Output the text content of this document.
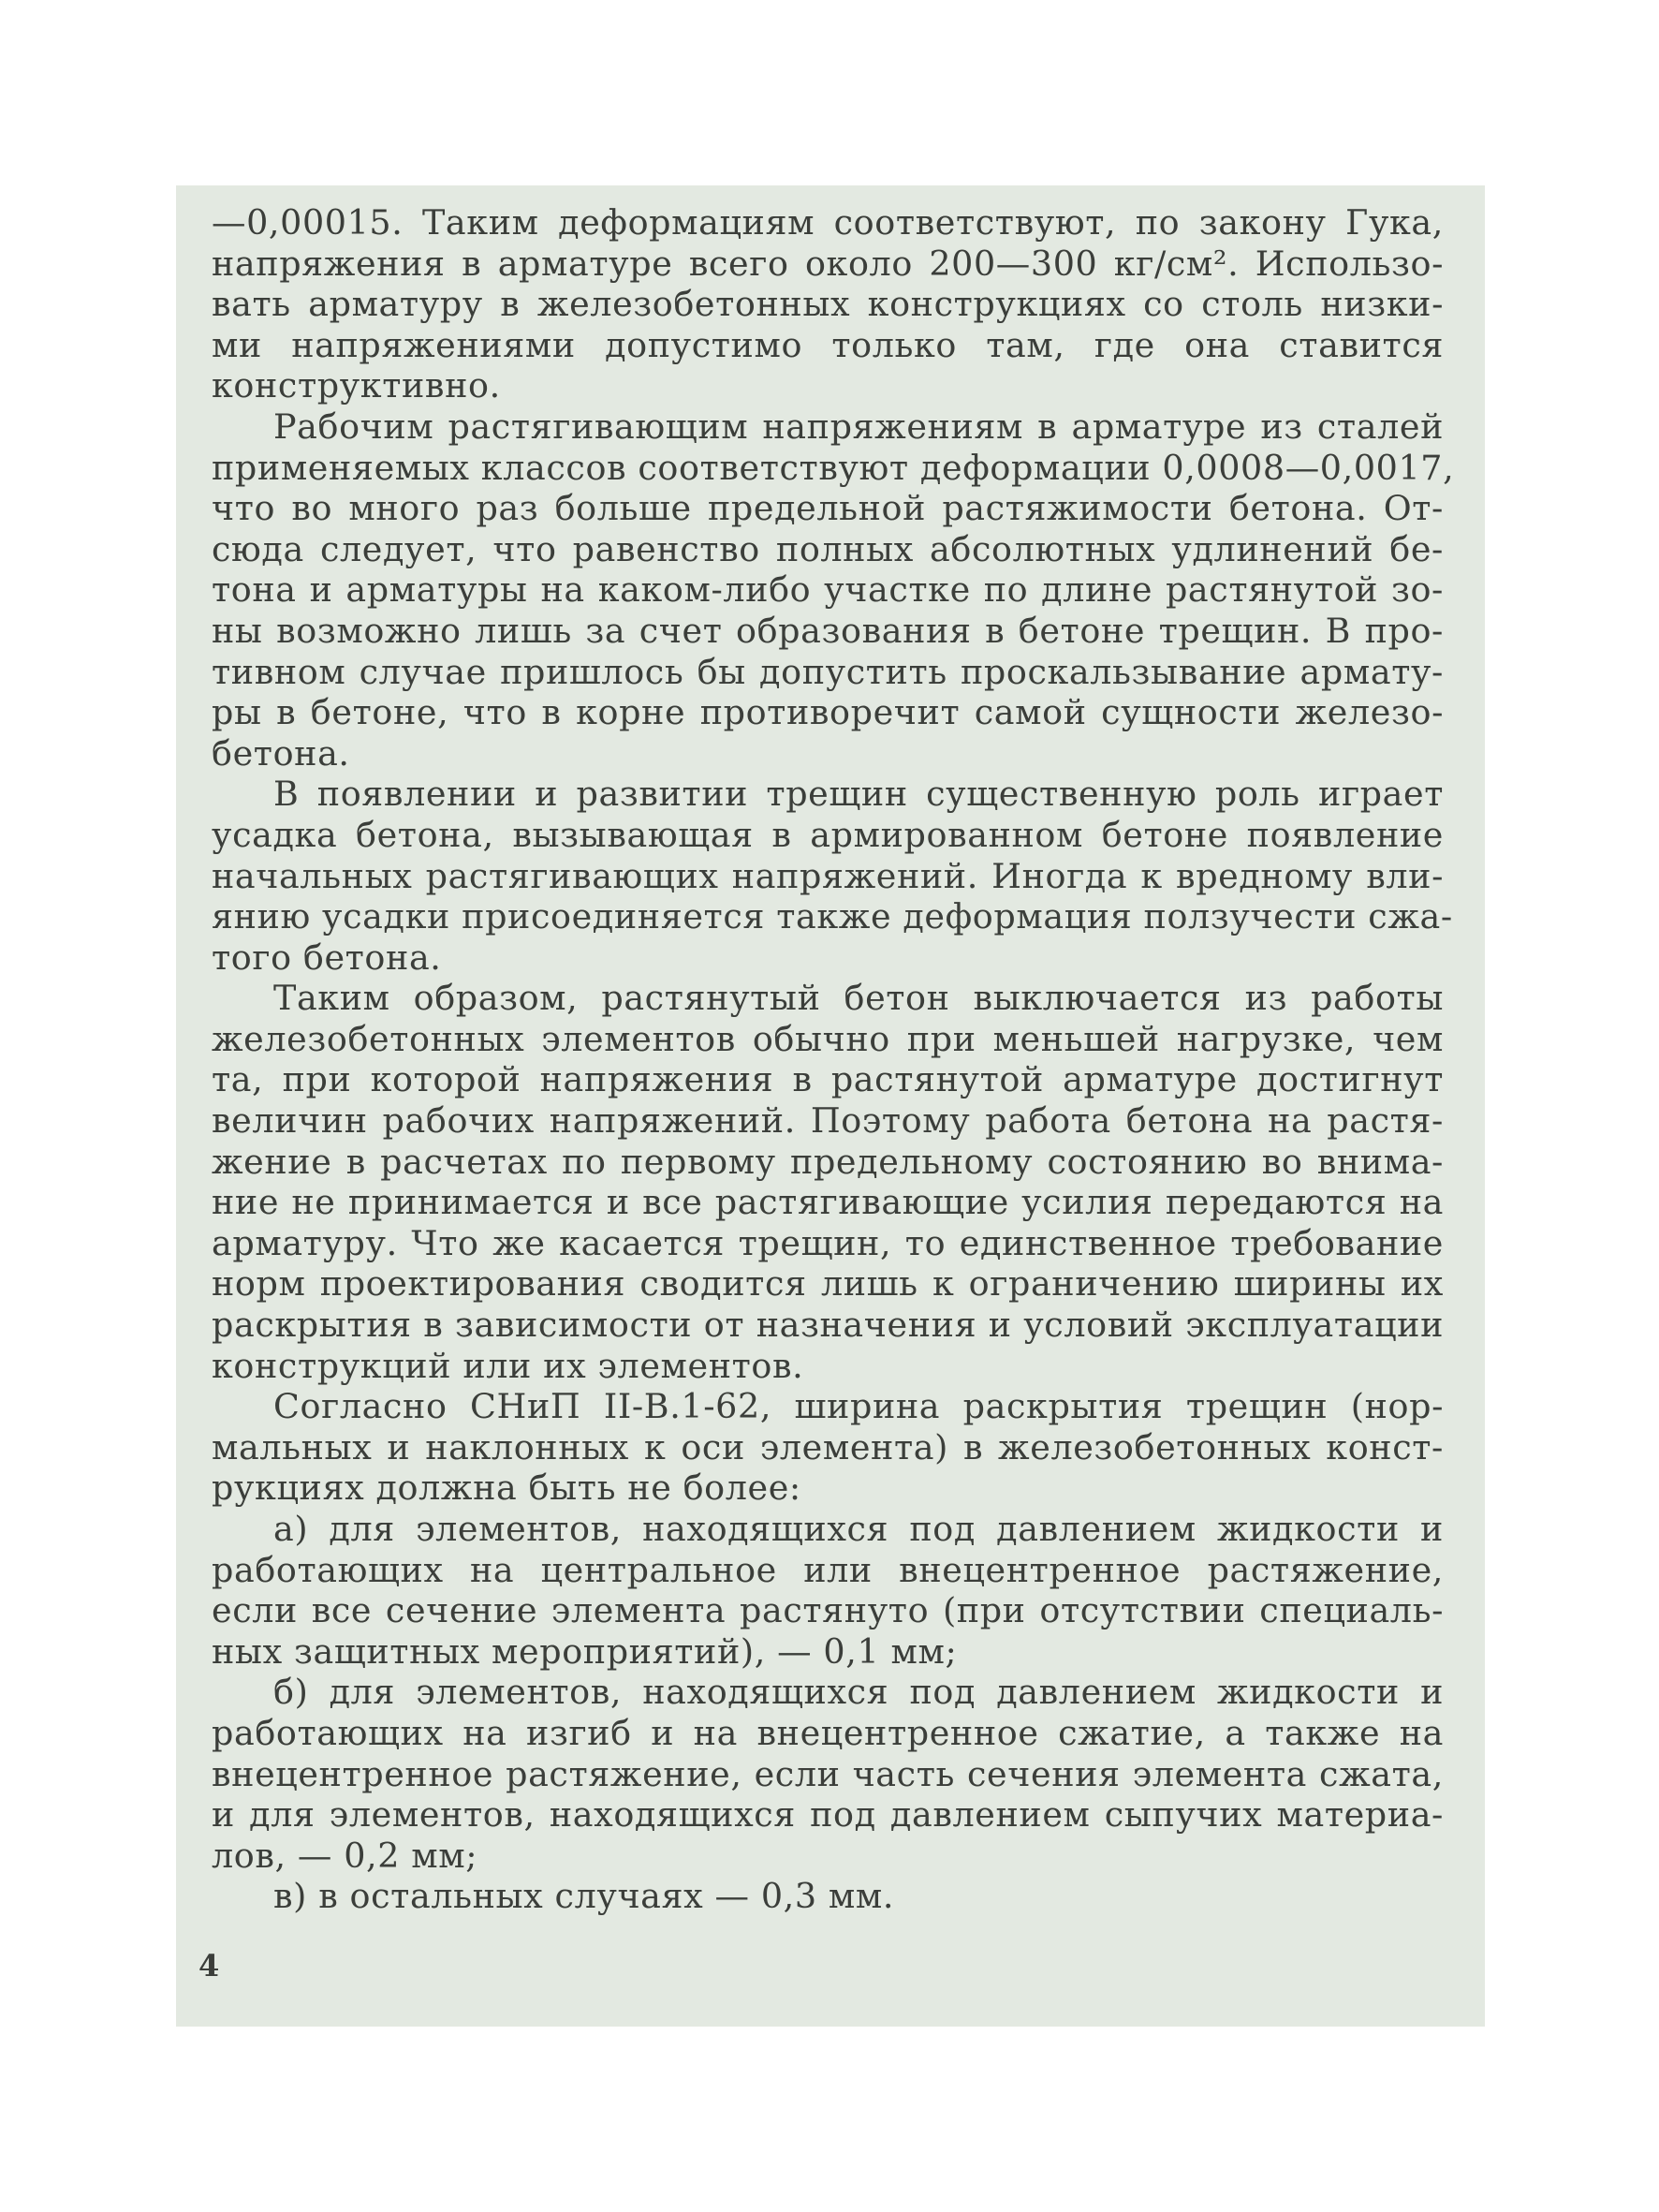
—0,00015. Таким деформациям соответствуют, по закону Гука,
напряжения в арматуре всего около 200—300 кг/см². Использо-
вать арматуру в железобетонных конструкциях со столь низки-
ми напряжениями допустимо только там, где она ставится
конструктивно.

Рабочим растягивающим напряжениям в арматуре из сталей
применяемых классов соответствуют деформации 0,0008—0,0017,
что во много раз больше предельной растяжимости бетона. От-
сюда следует, что равенство полных абсолютных удлинений бе-
тона и арматуры на каком-либо участке по длине растянутой зо-
ны возможно лишь за счет образования в бетоне трещин. В про-
тивном случае пришлось бы допустить проскальзывание армату-
ры в бетоне, что в корне противоречит самой сущности железо-
бетона.

В появлении и развитии трещин существенную роль играет
усадка бетона, вызывающая в армированном бетоне появление
начальных растягивающих напряжений. Иногда к вредному вли-
янию усадки присоединяется также деформация ползучести сжа-
того бетона.

Таким образом, растянутый бетон выключается из работы
железобетонных элементов обычно при меньшей нагрузке, чем
та, при которой напряжения в растянутой арматуре достигнут
величин рабочих напряжений. Поэтому работа бетона на растя-
жение в расчетах по первому предельному состоянию во внима-
ние не принимается и все растягивающие усилия передаются на
арматуру. Что же касается трещин, то единственное требование
норм проектирования сводится лишь к ограничению ширины их
раскрытия в зависимости от назначения и условий эксплуатации
конструкций или их элементов.

Согласно СНиП II-В.1-62, ширина раскрытия трещин (нор-
мальных и наклонных к оси элемента) в железобетонных конст-
рукциях должна быть не более:

а) для элементов, находящихся под давлением жидкости и
работающих на центральное или внецентренное растяжение,
если все сечение элемента растянуто (при отсутствии специаль-
ных защитных мероприятий), — 0,1 мм;

б) для элементов, находящихся под давлением жидкости и
работающих на изгиб и на внецентренное сжатие, а также на
внецентренное растяжение, если часть сечения элемента сжата,
и для элементов, находящихся под давлением сыпучих материа-
лов, — 0,2 мм;

в) в остальных случаях — 0,3 мм.

4
